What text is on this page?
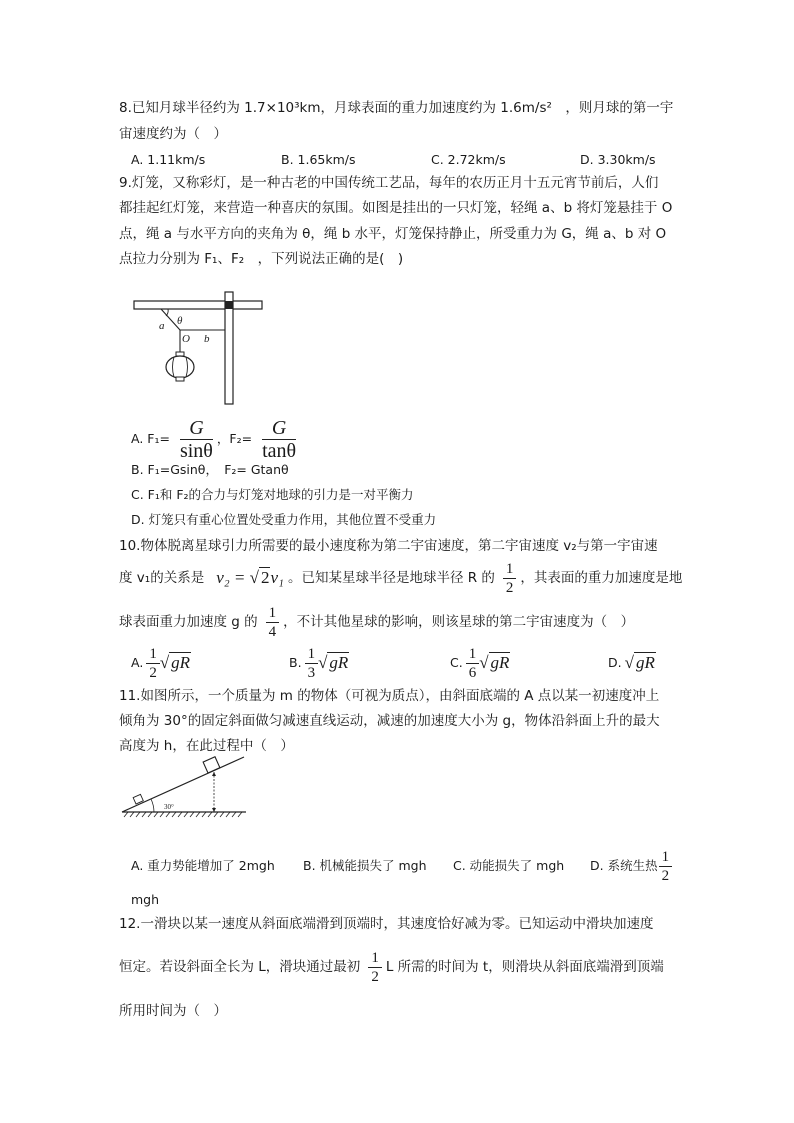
8.已知月球半径约为 1.7×10³km，月球表面的重力加速度约为 1.6m/s²　，则月球的第一宇
宙速度约为（　）
A. 1.11km/s	B. 1.65km/s	C. 2.72km/s	D. 3.30km/s
9.灯笼，又称彩灯，是一种古老的中国传统工艺品，每年的农历正月十五元宵节前后，人们
都挂起红灯笼，来营造一种喜庆的氛围。如图是挂出的一只灯笼，轻绳 a、b 将灯笼悬挂于 O
点，绳 a 与水平方向的夹角为 θ，绳 b 水平，灯笼保持静止，所受重力为 G，绳 a、b 对 O
点拉力分别为 F₁、F₂　，下列说法正确的是(　)
θ
a
O b
A. $F_1= \frac{G}{\sin\theta}$ ，$F_2= \frac{G}{\tan\theta}$
B. F₁=Gsinθ，　F₂= Gtanθ
C. F₁和 F₂的合力与灯笼对地球的引力是一对平衡力
D. 灯笼只有重心位置处受重力作用，其他位置不受重力
10.物体脱离星球引力所需要的最小速度称为第二宇宙速度，第二宇宙速度 v₂与第一宇宙速
度 v₁的关系是 v₂ = √ 2v₁ 。已知某星球半径是地球半径 R 的 $\frac{1}{2}$ ，其表面的重力加速度是地
球表面重力加速度 g 的 $\frac{1}{4}$ ，不计其他星球的影响，则该星球的第二宇宙速度为（　）
A. $\frac{1}{2}$ √ gR	B. $\frac{1}{3}$ √ gR	C. $\frac{1}{6}$ √ gR	D. √ gR
11.如图所示，一个质量为 m 的物体（可视为质点），由斜面底端的 A 点以某一初速度冲上
倾角为 30°的固定斜面做匀减速直线运动，减速的加速度大小为 g，物体沿斜面上升的最大
高度为 h，在此过程中（　）
30°
A. 重力势能增加了 2mgh B. 机械能损失了 mgh C. 动能损失了 mgh D. 系统生热 $\frac{1}{2}$
mgh
12.一滑块以某一速度从斜面底端滑到顶端时，其速度恰好减为零。已知运动中滑块加速度
恒定。若设斜面全长为 L，滑块通过最初 $\frac{1}{2}$ L 所需的时间为 t，则滑块从斜面底端滑到顶端
所用时间为（　）
